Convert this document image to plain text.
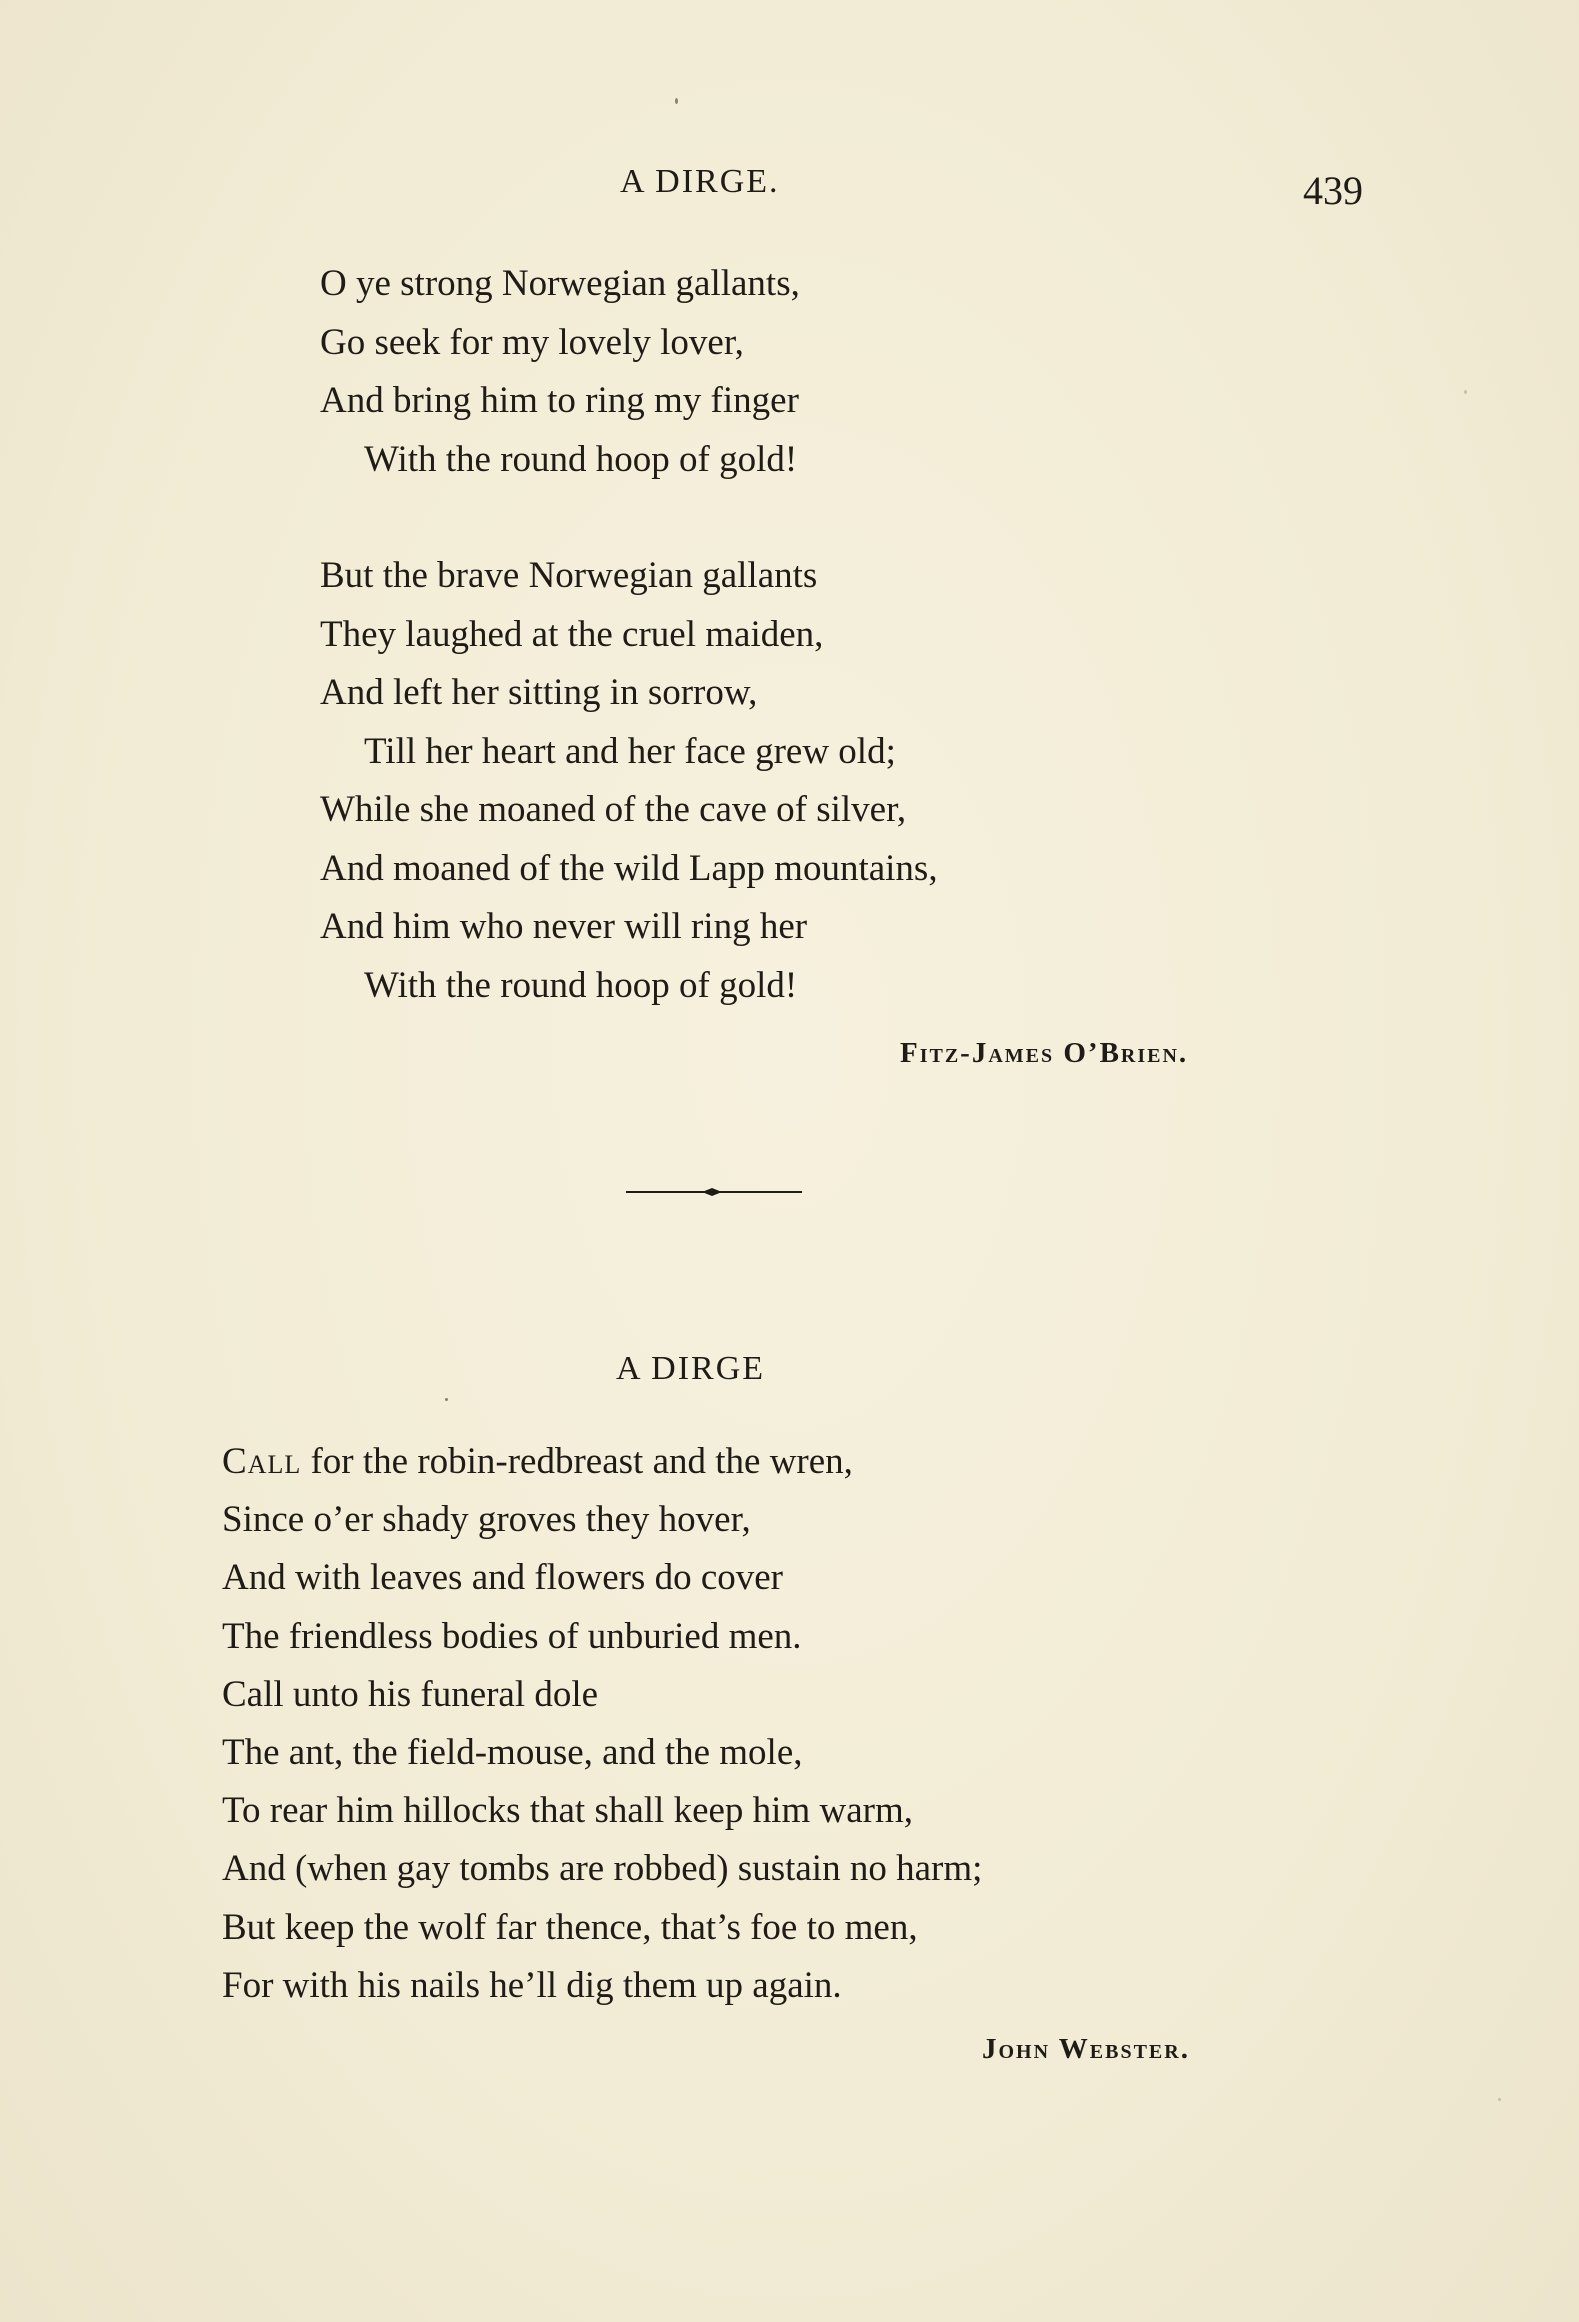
A DIRGE.	439
O ye strong Norwegian gallants,
Go seek for my lovely lover,
And bring him to ring my finger
With the round hoop of gold!
But the brave Norwegian gallants
They laughed at the cruel maiden,
And left her sitting in sorrow,
Till her heart and her face grew old;
While she moaned of the cave of silver,
And moaned of the wild Lapp mountains,
And him who never will ring her
With the round hoop of gold!
Fitz-James O’Brien.
A DIRGE
Call for the robin-redbreast and the wren,
Since o’er shady groves they hover,
And with leaves and flowers do cover
The friendless bodies of unburied men.
Call unto his funeral dole
The ant, the field-mouse, and the mole,
To rear him hillocks that shall keep him warm,
And (when gay tombs are robbed) sustain no harm;
But keep the wolf far thence, that’s foe to men,
For with his nails he’ll dig them up again.
John Webster.
